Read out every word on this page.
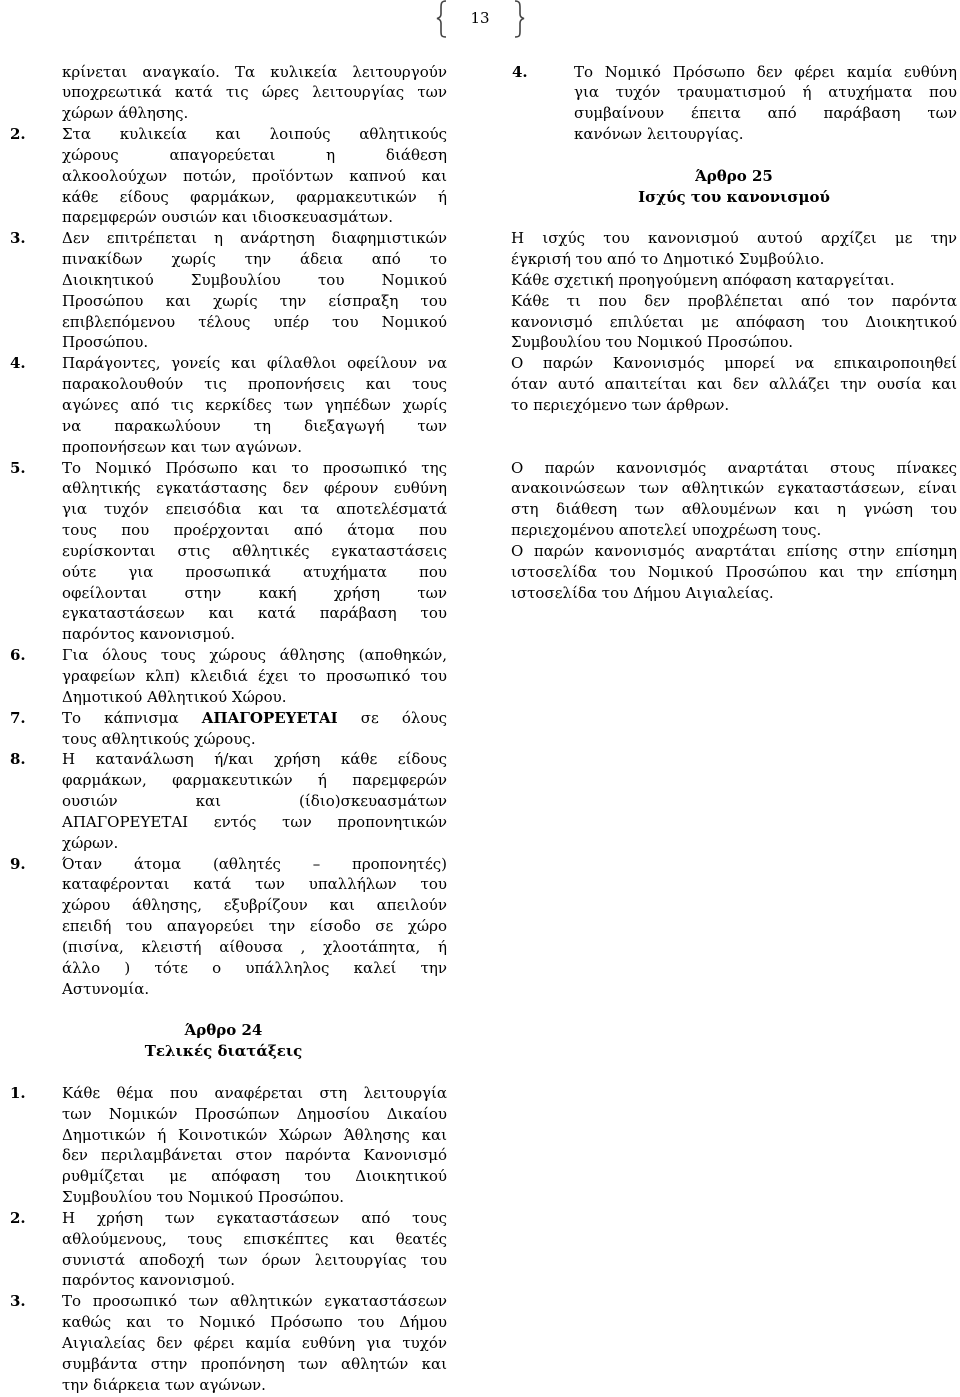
13
κρίνεται αναγκαίο. Τα κυλικεία λειτουργούν
υποχρεωτικά κατά τις ώρες λειτουργίας των
χώρων άθλησης.
2. Στα κυλικεία και λοιπούς αθλητικούς
χώρους απαγορεύεται η διάθεση
αλκοολούχων ποτών, προϊόντων καπνού και
κάθε είδους φαρμάκων, φαρμακευτικών ή
παρεμφερών ουσιών και ιδιοσκευασμάτων.
3. Δεν επιτρέπεται η ανάρτηση διαφημιστικών
πινακίδων χωρίς την άδεια από το
Διοικητικού Συμβουλίου του Νομικού
Προσώπου και χωρίς την είσπραξη του
επιβλεπόμενου τέλους υπέρ του Νομικού
Προσώπου.
4. Παράγοντες, γονείς και φίλαθλοι οφείλουν να
παρακολουθούν τις προπονήσεις και τους
αγώνες από τις κερκίδες των γηπέδων χωρίς
να παρακωλύουν τη διεξαγωγή των
προπονήσεων και των αγώνων.
5. Το Νομικό Πρόσωπο και το προσωπικό της
αθλητικής εγκατάστασης δεν φέρουν ευθύνη
για τυχόν επεισόδια και τα αποτελέσματά
τους που προέρχονται από άτομα που
ευρίσκονται στις αθλητικές εγκαταστάσεις
ούτε για προσωπικά ατυχήματα που
οφείλονται στην κακή χρήση των
εγκαταστάσεων και κατά παράβαση του
παρόντος κανονισμού.
6. Για όλους τους χώρους άθλησης (αποθηκών,
γραφείων κλπ) κλειδιά έχει το προσωπικό του
Δημοτικού Αθλητικού Χώρου.
7. Το κάπνισμα ΑΠΑΓΟΡΕΥΕΤΑΙ σε όλους
τους αθλητικούς χώρους.
8. Η κατανάλωση ή/και χρήση κάθε είδους
φαρμάκων, φαρμακευτικών ή παρεμφερών
ουσιών και (ίδιο)σκευασμάτων
ΑΠΑΓΟΡΕΥΕΤΑΙ εντός των προπονητικών
χώρων.
9. Όταν άτομα (αθλητές – προπονητές)
καταφέρονται κατά των υπαλλήλων του
χώρου άθλησης, εξυβρίζουν και απειλούν
επειδή του απαγορεύει την είσοδο σε χώρο
(πισίνα, κλειστή αίθουσα , χλοοτάπητα, ή
άλλο ) τότε ο υπάλληλος καλεί την
Αστυνομία.
Άρθρο 24
Τελικές διατάξεις
1. Κάθε θέμα που αναφέρεται στη λειτουργία
των Νομικών Προσώπων Δημοσίου Δικαίου
Δημοτικών ή Κοινοτικών Χώρων Άθλησης και
δεν περιλαμβάνεται στον παρόντα Κανονισμό
ρυθμίζεται με απόφαση του Διοικητικού
Συμβουλίου του Νομικού Προσώπου.
2. Η χρήση των εγκαταστάσεων από τους
αθλούμενους, τους επισκέπτες και θεατές
συνιστά αποδοχή των όρων λειτουργίας του
παρόντος κανονισμού.
3. Το προσωπικό των αθλητικών εγκαταστάσεων
καθώς και το Νομικό Πρόσωπο του Δήμου
Αιγιαλείας δεν φέρει καμία ευθύνη για τυχόν
συμβάντα στην προπόνηση των αθλητών και
την διάρκεια των αγώνων.
4.	Το Νομικό Πρόσωπο δεν φέρει καμία ευθύνη
για τυχόν τραυματισμού ή ατυχήματα που
συμβαίνουν έπειτα από παράβαση των
κανόνων λειτουργίας.
Άρθρο 25
Ισχύς του κανονισμού
Η ισχύς του κανονισμού αυτού αρχίζει με την
έγκρισή του από το Δημοτικό Συμβούλιο.
Κάθε σχετική προηγούμενη απόφαση καταργείται.
Κάθε τι που δεν προβλέπεται από τον παρόντα
κανονισμό επιλύεται με απόφαση του Διοικητικού
Συμβουλίου του Νομικού Προσώπου.
Ο παρών Κανονισμός μπορεί να επικαιροποιηθεί
όταν αυτό απαιτείται και δεν αλλάζει την ουσία και
το περιεχόμενο των άρθρων.
Ο παρών κανονισμός αναρτάται στους πίνακες
ανακοινώσεων των αθλητικών εγκαταστάσεων, είναι
στη διάθεση των αθλουμένων και η γνώση του
περιεχομένου αποτελεί υποχρέωση τους.
Ο παρών κανονισμός αναρτάται επίσης στην επίσημη
ιστοσελίδα του Νομικού Προσώπου και την επίσημη
ιστοσελίδα του Δήμου Αιγιαλείας.
